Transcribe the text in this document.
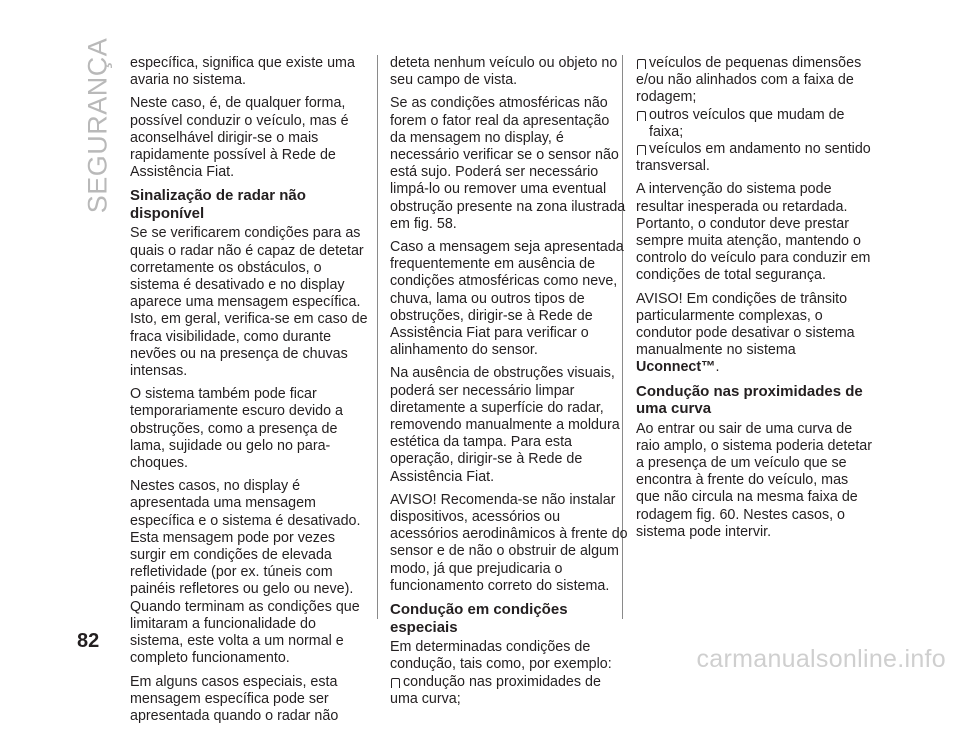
SEGURANÇA específica, significa que existe uma avaria no sistema.

Neste caso, é, de qualquer forma, possível conduzir o veículo, mas é aconselhável dirigir-se o mais rapidamente possível à Rede de Assistência Fiat.

Sinalização de radar não disponível

Se se verificarem condições para as quais o radar não é capaz de detetar corretamente os obstáculos, o sistema é desativado e no display aparece uma mensagem específica. Isto, em geral, verifica-se em caso de fraca visibilidade, como durante nevões ou na presença de chuvas intensas.

O sistema também pode ficar temporariamente escuro devido a obstruções, como a presença de lama, sujidade ou gelo no para-choques.

Nestes casos, no display é apresentada uma mensagem específica e o sistema é desativado. Esta mensagem pode por vezes surgir em condições de elevada refletividade (por ex. túneis com painéis refletores ou gelo ou neve). Quando terminam as condições que limitaram a funcionalidade do sistema, este volta a um normal e completo funcionamento.

Em alguns casos especiais, esta mensagem específica pode ser apresentada quando o radar não

deteta nenhum veículo ou objeto no seu campo de vista.

Se as condições atmosféricas não forem o fator real da apresentação da mensagem no display, é necessário verificar se o sensor não está sujo. Poderá ser necessário limpá-lo ou remover uma eventual obstrução presente na zona ilustrada em fig. 58.

Caso a mensagem seja apresentada frequentemente em ausência de condições atmosféricas como neve, chuva, lama ou outros tipos de obstruções, dirigir-se à Rede de Assistência Fiat para verificar o alinhamento do sensor.

Na ausência de obstruções visuais, poderá ser necessário limpar diretamente a superfície do radar, removendo manualmente a moldura estética da tampa. Para esta operação, dirigir-se à Rede de Assistência Fiat.

AVISO! Recomenda-se não instalar dispositivos, acessórios ou acessórios aerodinâmicos à frente do sensor e de não o obstruir de algum modo, já que prejudicaria o funcionamento correto do sistema.

Condução em condições especiais

Em determinadas condições de condução, tais como, por exemplo:

condução nas proximidades de uma curva;

veículos de pequenas dimensões e/ou não alinhados com a faixa de rodagem;

outros veículos que mudam de faixa;

veículos em andamento no sentido transversal.

A intervenção do sistema pode resultar inesperada ou retardada. Portanto, o condutor deve prestar sempre muita atenção, mantendo o controlo do veículo para conduzir em condições de total segurança.

AVISO! Em condições de trânsito particularmente complexas, o condutor pode desativar o sistema manualmente no sistema Uconnect™.

Condução nas proximidades de uma curva

Ao entrar ou sair de uma curva de raio amplo, o sistema poderia detetar a presença de um veículo que se encontra à frente do veículo, mas que não circula na mesma faixa de rodagem fig. 60. Nestes casos, o sistema pode intervir.

82
carmanualsonline.info
